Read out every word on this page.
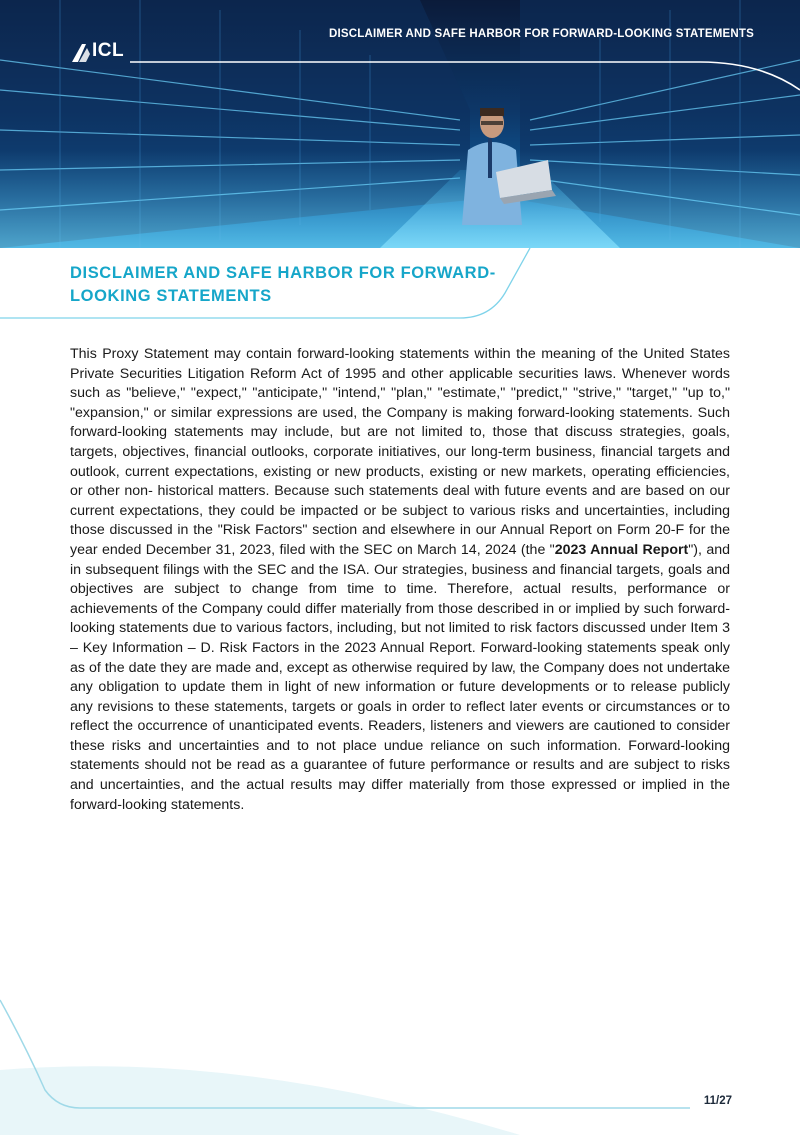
ICL
DISCLAIMER AND SAFE HARBOR FOR FORWARD-LOOKING STATEMENTS
DISCLAIMER AND SAFE HARBOR FOR FORWARD-LOOKING STATEMENTS
This Proxy Statement may contain forward-looking statements within the meaning of the United States Private Securities Litigation Reform Act of 1995 and other applicable securities laws. Whenever words such as "believe," "expect," "anticipate," "intend," "plan," "estimate," "predict," "strive," "target," "up to," "expansion," or similar expressions are used, the Company is making forward-looking statements. Such forward-looking statements may include, but are not limited to, those that discuss strategies, goals, targets, objectives, financial outlooks, corporate initiatives, our long-term business, financial targets and outlook, current expectations, existing or new products, existing or new markets, operating efficiencies, or other non- historical matters. Because such statements deal with future events and are based on our current expectations, they could be impacted or be subject to various risks and uncertainties, including those discussed in the "Risk Factors" section and elsewhere in our Annual Report on Form 20-F for the year ended December 31, 2023, filed with the SEC on March 14, 2024 (the "2023 Annual Report"), and in subsequent filings with the SEC and the ISA. Our strategies, business and financial targets, goals and objectives are subject to change from time to time. Therefore, actual results, performance or achievements of the Company could differ materially from those described in or implied by such forward-looking statements due to various factors, including, but not limited to risk factors discussed under Item 3 – Key Information – D. Risk Factors in the 2023 Annual Report. Forward-looking statements speak only as of the date they are made and, except as otherwise required by law, the Company does not undertake any obligation to update them in light of new information or future developments or to release publicly any revisions to these statements, targets or goals in order to reflect later events or circumstances or to reflect the occurrence of unanticipated events. Readers, listeners and viewers are cautioned to consider these risks and uncertainties and to not place undue reliance on such information. Forward-looking statements should not be read as a guarantee of future performance or results and are subject to risks and uncertainties, and the actual results may differ materially from those expressed or implied in the forward-looking statements.
11/27
